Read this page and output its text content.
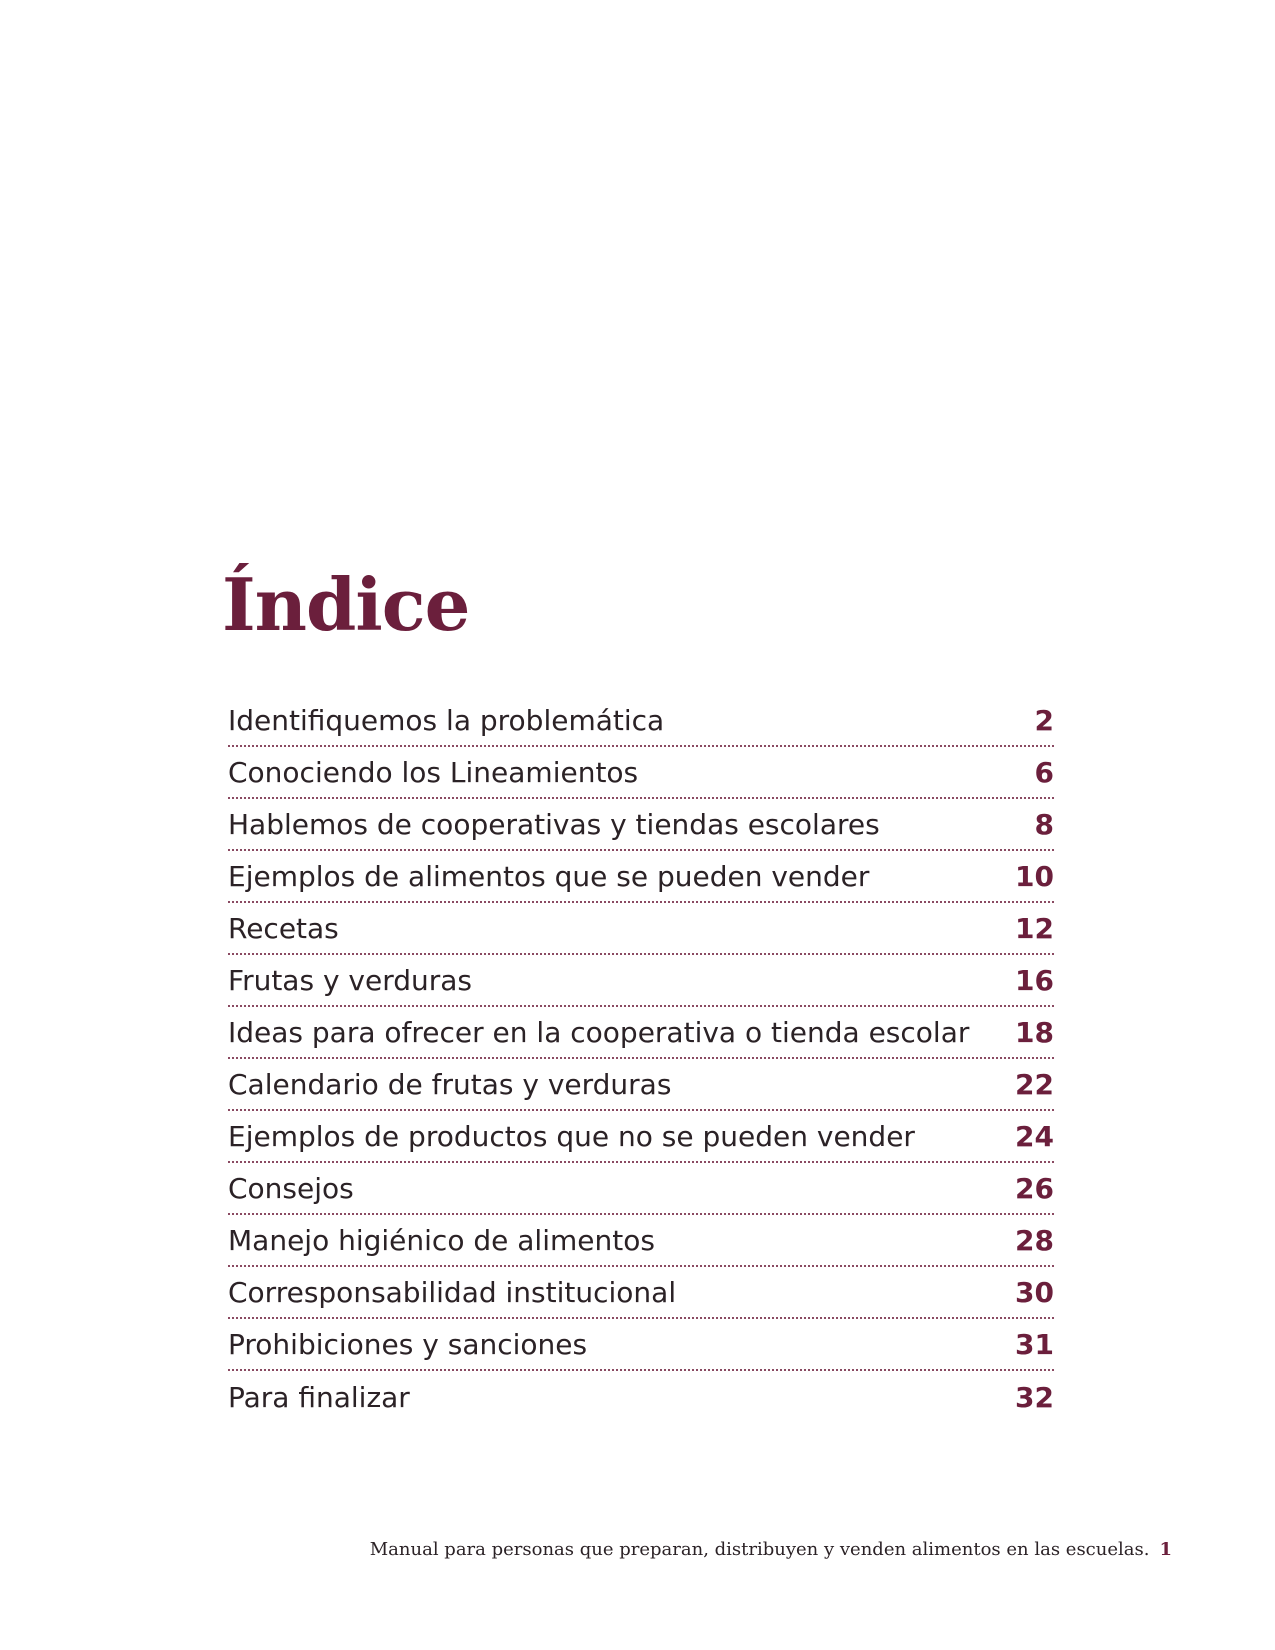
Índice
Identifiquemos la problemática	2
Conociendo los Lineamientos	6
Hablemos de cooperativas y tiendas escolares	8
Ejemplos de alimentos que se pueden vender	10
Recetas	12
Frutas y verduras	16
Ideas para ofrecer en la cooperativa o tienda escolar 18
Calendario de frutas y verduras	22
Ejemplos de productos que no se pueden vender	24
Consejos	26
Manejo higiénico de alimentos	28
Corresponsabilidad institucional	30
Prohibiciones y sanciones	31
Para finalizar	32
Manual para personas que preparan, distribuyen y venden alimentos en las escuelas. 1
